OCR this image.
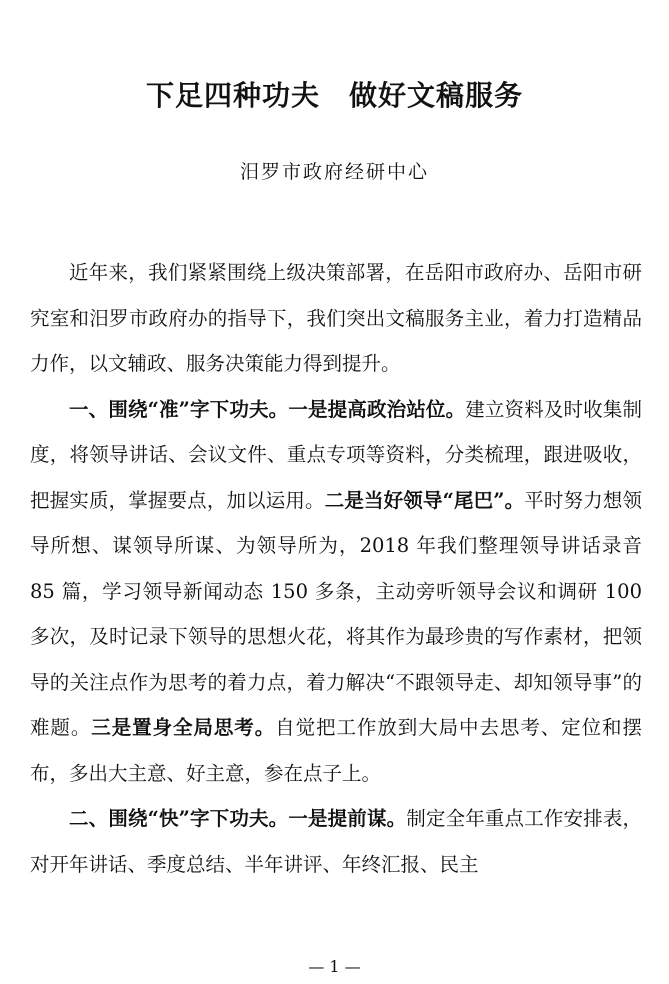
下足四种功夫　做好文稿服务
汨罗市政府经研中心

近年来，我们紧紧围绕上级决策部署，在岳阳市政府办、岳阳市研究室和汨罗市政府办的指导下，我们突出文稿服务主业，着力打造精品力作，以文辅政、服务决策能力得到提升。

一、围绕“准”字下功夫。一是提高政治站位。建立资料及时收集制度，将领导讲话、会议文件、重点专项等资料，分类梳理，跟进吸收，把握实质，掌握要点，加以运用。二是当好领导“尾巴”。平时努力想领导所想、谋领导所谋、为领导所为，2018 年我们整理领导讲话录音 85 篇，学习领导新闻动态 150 多条，主动旁听领导会议和调研 100 多次，及时记录下领导的思想火花，将其作为最珍贵的写作素材，把领导的关注点作为思考的着力点，着力解决“不跟领导走、却知领导事”的难题。三是置身全局思考。自觉把工作放到大局中去思考、定位和摆布，多出大主意、好主意，参在点子上。

二、围绕“快”字下功夫。一是提前谋。制定全年重点工作安排表，对开年讲话、季度总结、半年讲评、年终汇报、民主

— 1 —
